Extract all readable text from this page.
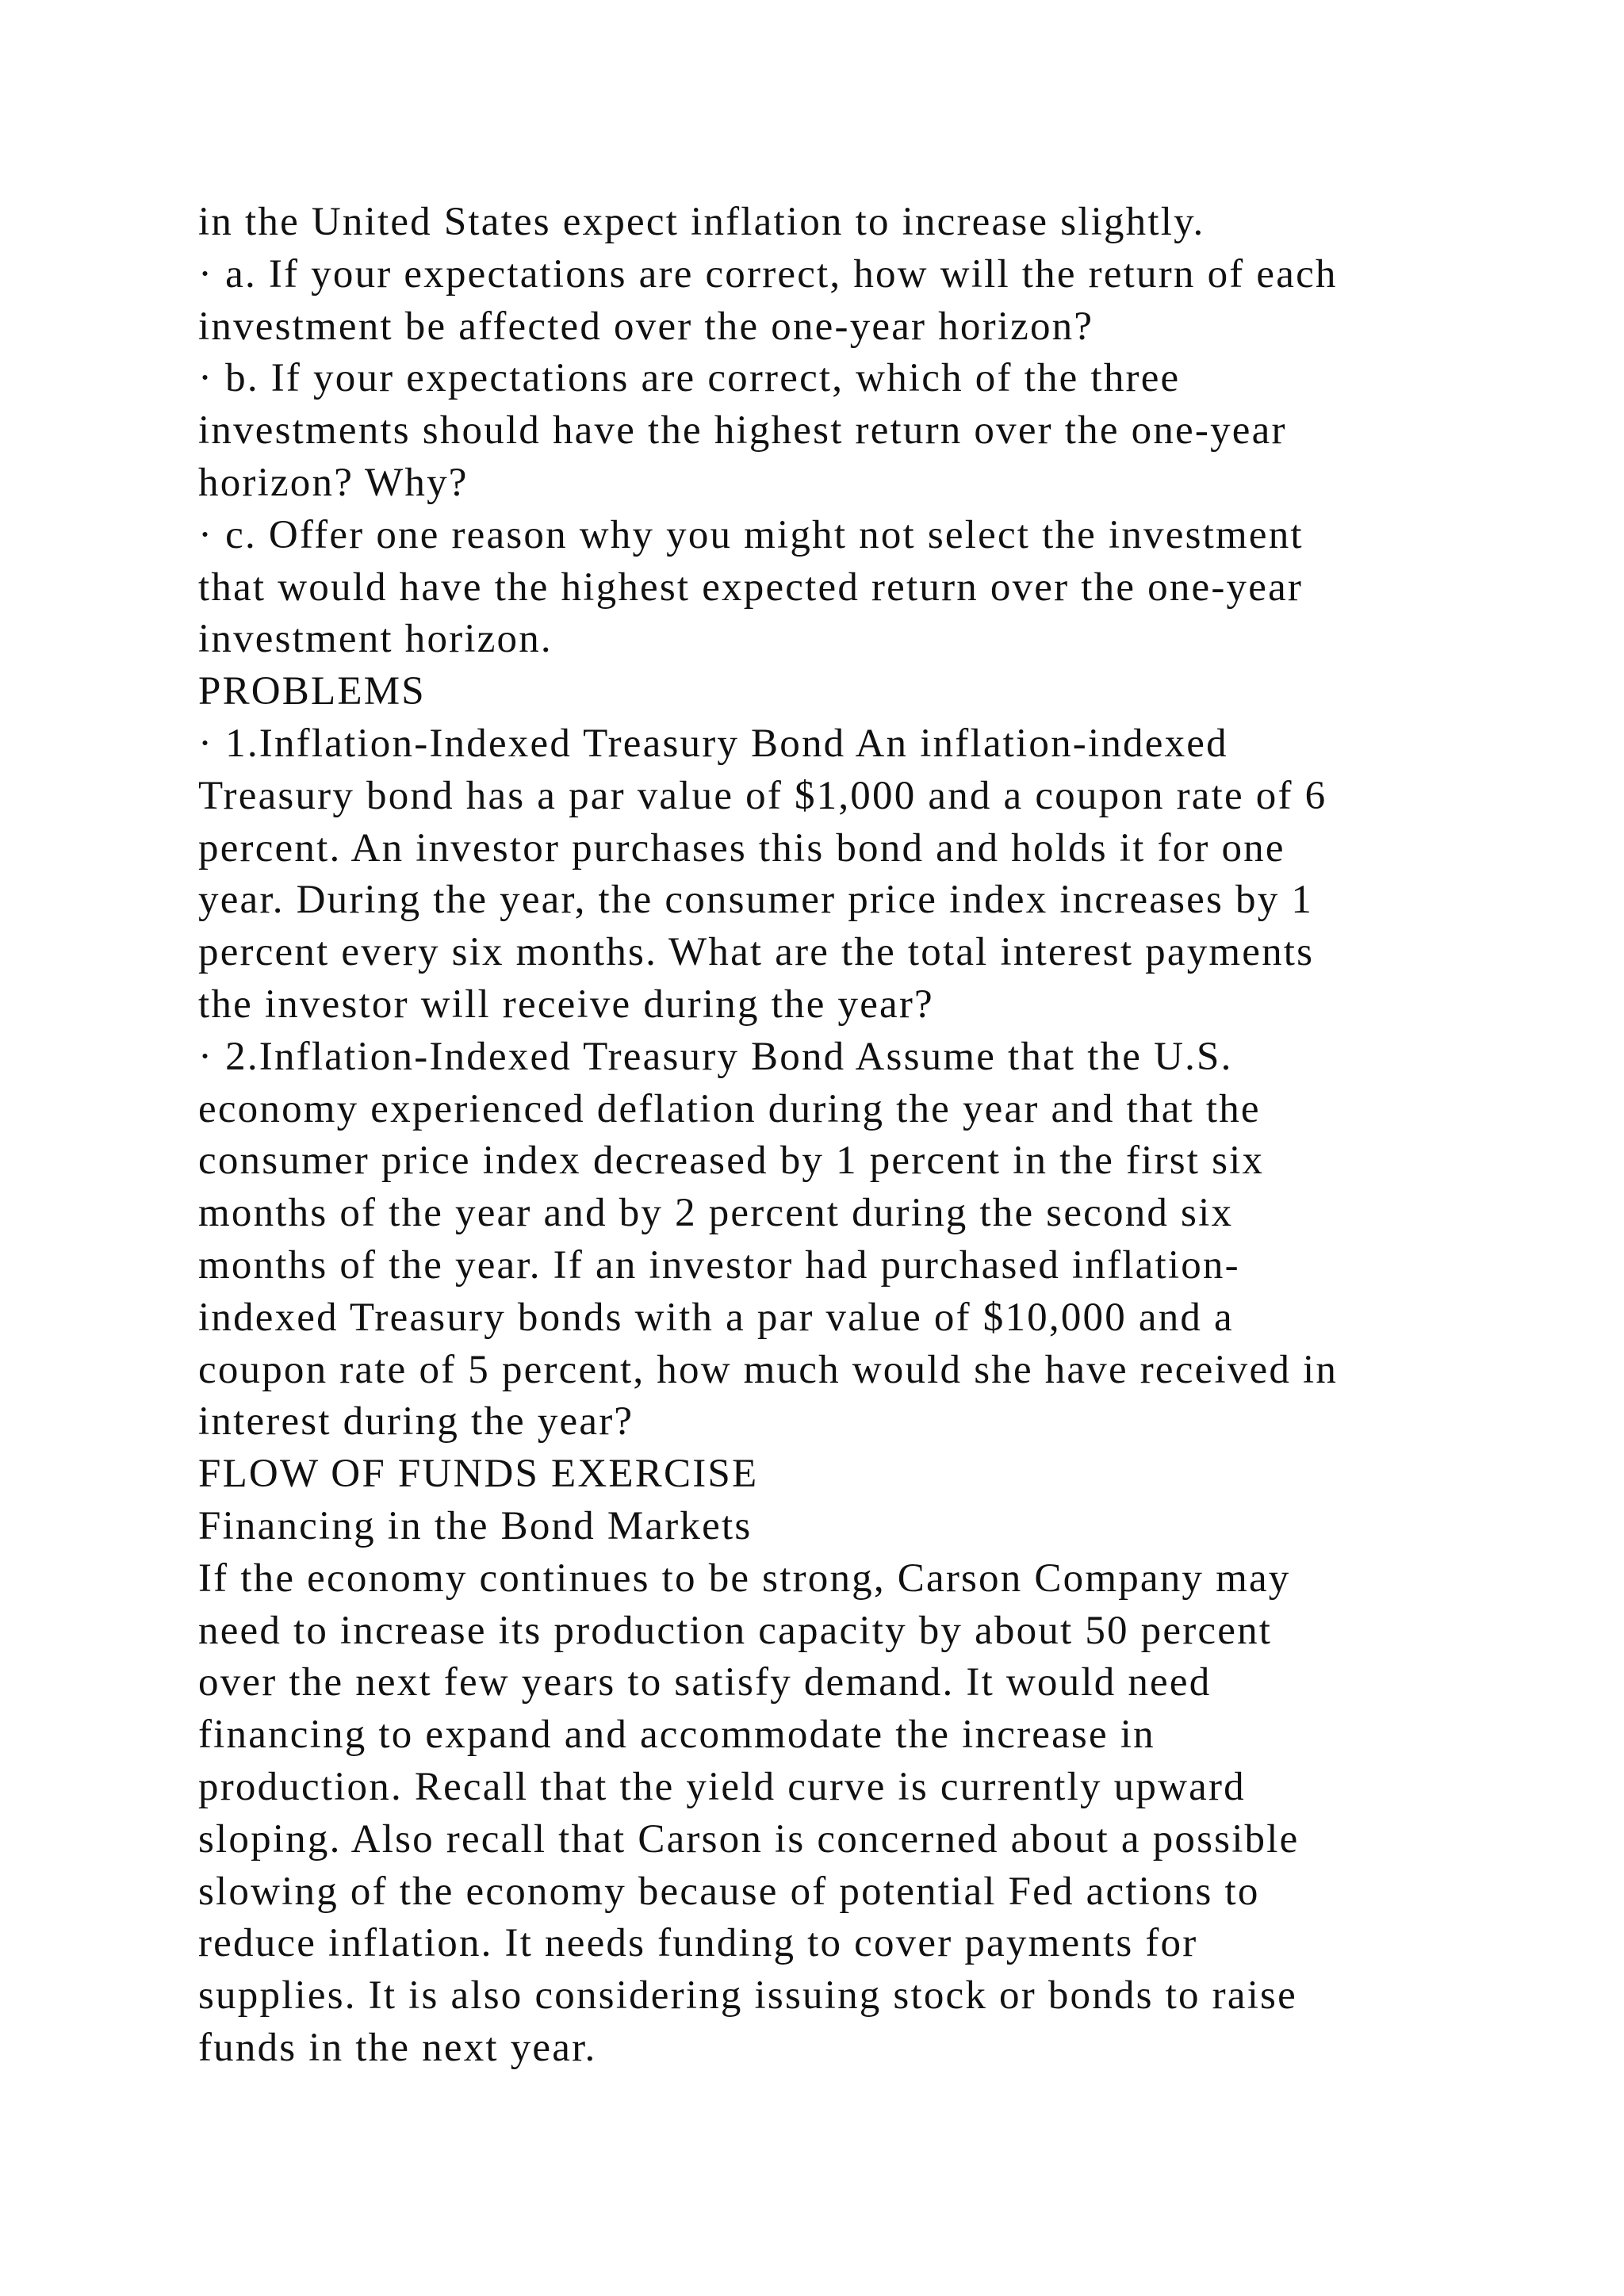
in the United States expect inflation to increase slightly.
· a. If your expectations are correct, how will the return of each
investment be affected over the one-year horizon?
· b. If your expectations are correct, which of the three
investments should have the highest return over the one-year
horizon? Why?
· c. Offer one reason why you might not select the investment
that would have the highest expected return over the one-year
investment horizon.
PROBLEMS
· 1.Inflation-Indexed Treasury Bond An inflation-indexed
Treasury bond has a par value of $1,000 and a coupon rate of 6
percent. An investor purchases this bond and holds it for one
year. During the year, the consumer price index increases by 1
percent every six months. What are the total interest payments
the investor will receive during the year?
· 2.Inflation-Indexed Treasury Bond Assume that the U.S.
economy experienced deflation during the year and that the
consumer price index decreased by 1 percent in the first six
months of the year and by 2 percent during the second six
months of the year. If an investor had purchased inflation-
indexed Treasury bonds with a par value of $10,000 and a
coupon rate of 5 percent, how much would she have received in
interest during the year?
FLOW OF FUNDS EXERCISE
Financing in the Bond Markets
If the economy continues to be strong, Carson Company may
need to increase its production capacity by about 50 percent
over the next few years to satisfy demand. It would need
financing to expand and accommodate the increase in
production. Recall that the yield curve is currently upward
sloping. Also recall that Carson is concerned about a possible
slowing of the economy because of potential Fed actions to
reduce inflation. It needs funding to cover payments for
supplies. It is also considering issuing stock or bonds to raise
funds in the next year.
